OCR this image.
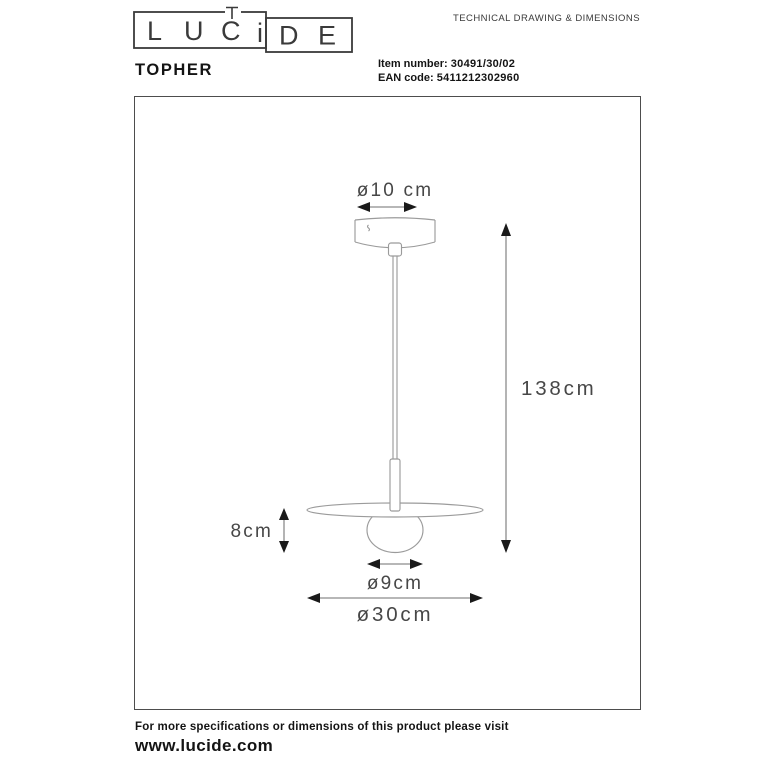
L U C i D E
TECHNICAL DRAWING & DIMENSIONS
TOPHER	Item number: 30491/30/02
EAN code: 5411212302960
ø10 cm
138cm
8cm
ø9cm
ø30cm
For more specifications or dimensions of this product please visit
www.lucide.com
